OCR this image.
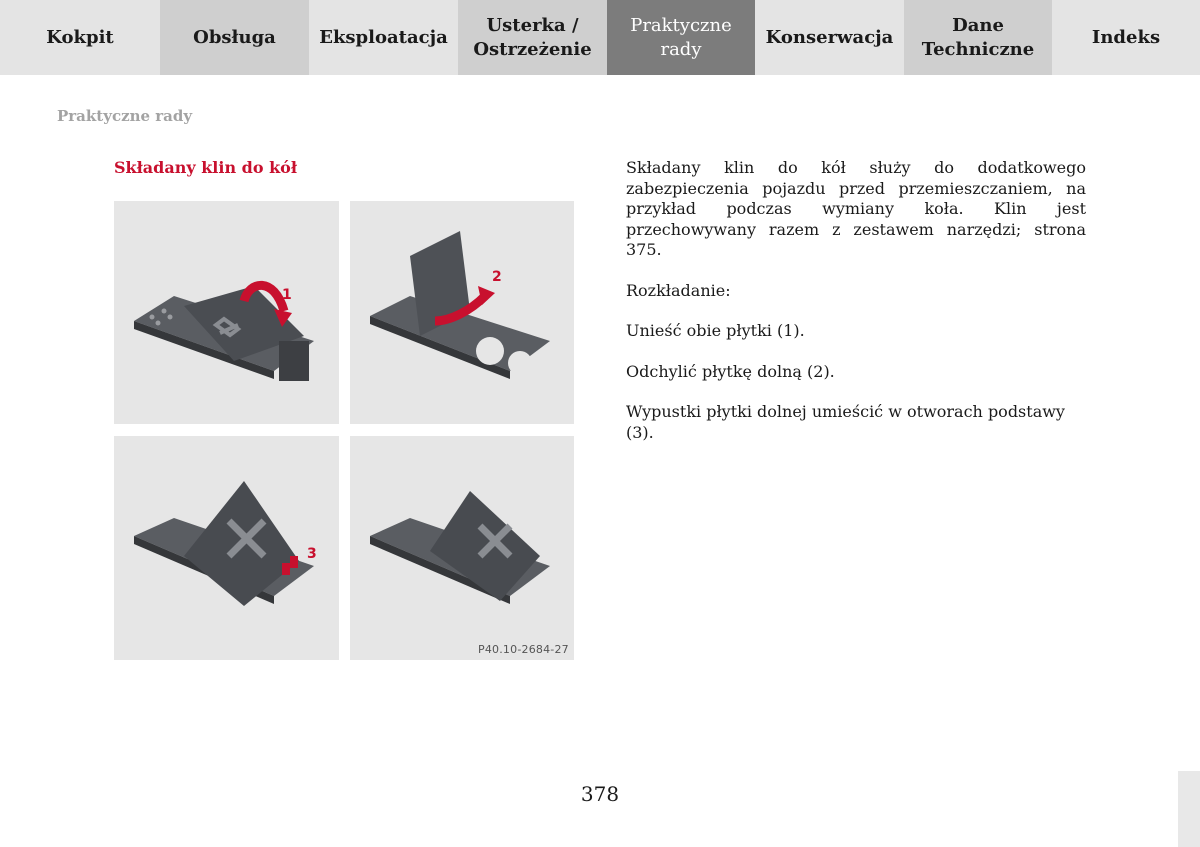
Kokpit	Obsługa Eksploatacja
Usterka /
Ostrzeżenie
Praktyczne
rady
Konserwacja
Dane
Techniczne
Indeks
Praktyczne rady
Składany klin do kół
1
2
3
P40.10-2684-27

Składany klin do kół służy do dodatkowego zabezpieczenia pojazdu przed przemieszczaniem, na przykład podczas wymiany koła. Klin jest przechowywany razem z zestawem narzędzi; strona 375.

Rozkładanie:

Unieść obie płytki (1).

Odchylić płytkę dolną (2).

Wypustki płytki dolnej umieścić w otworach podstawy (3).

378
